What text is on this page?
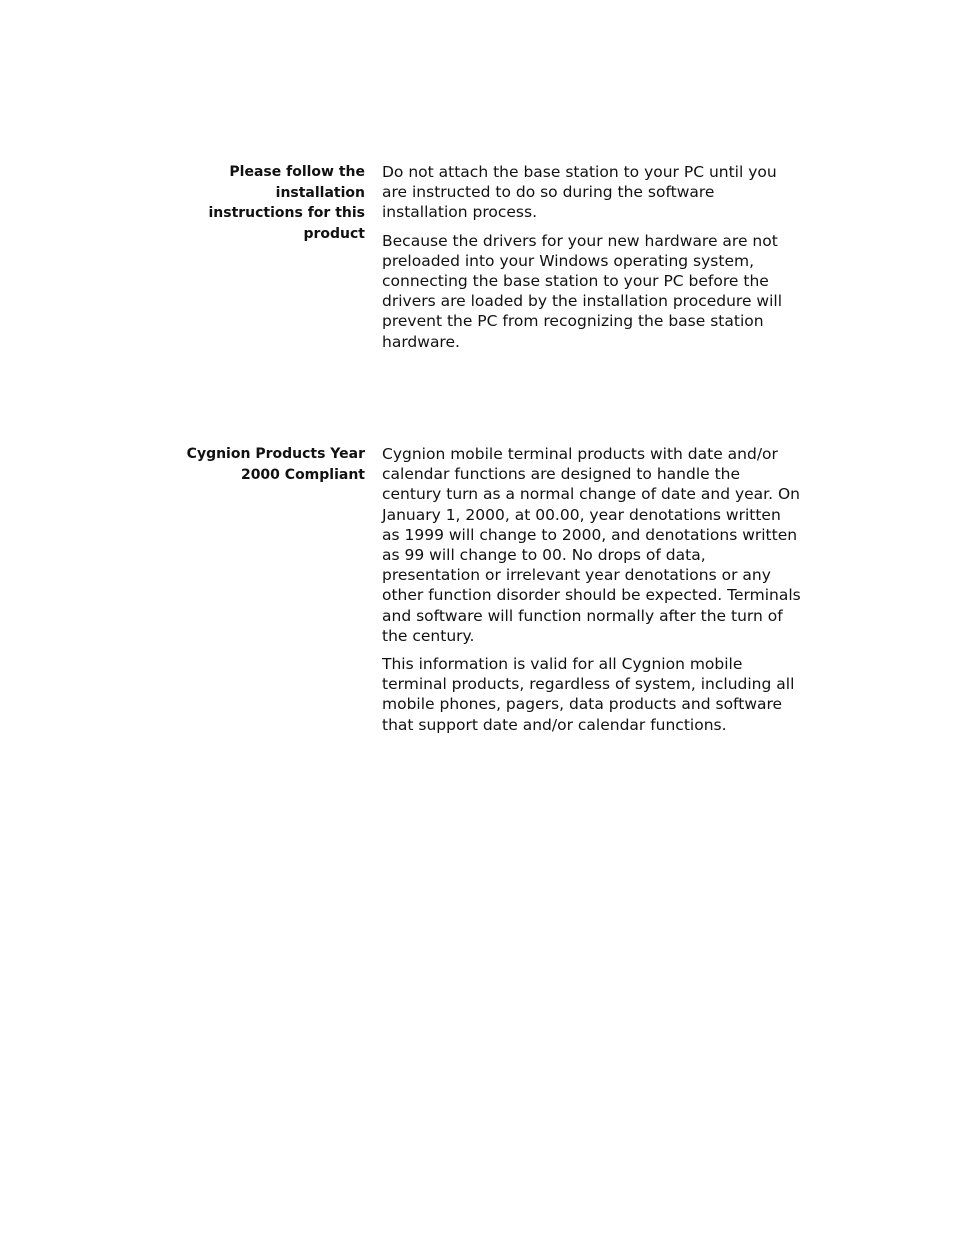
Please follow the installation instructions for this product

Do not attach the base station to your PC until you are instructed to do so during the software installation process.

Because the drivers for your new hardware are not preloaded into your Windows operating system, connecting the base station to your PC before the drivers are loaded by the installation procedure will prevent the PC from recognizing the base station hardware.

Cygnion Products Year 2000 Compliant

Cygnion mobile terminal products with date and/or calendar functions are designed to handle the century turn as a normal change of date and year. On January 1, 2000, at 00.00, year denotations written as 1999 will change to 2000, and denotations written as 99 will change to 00. No drops of data, presentation or irrelevant year denotations or any other function disorder should be expected. Terminals and software will function normally after the turn of the century.

This information is valid for all Cygnion mobile terminal products, regardless of system, including all mobile phones, pagers, data products and software that support date and/or calendar functions.
